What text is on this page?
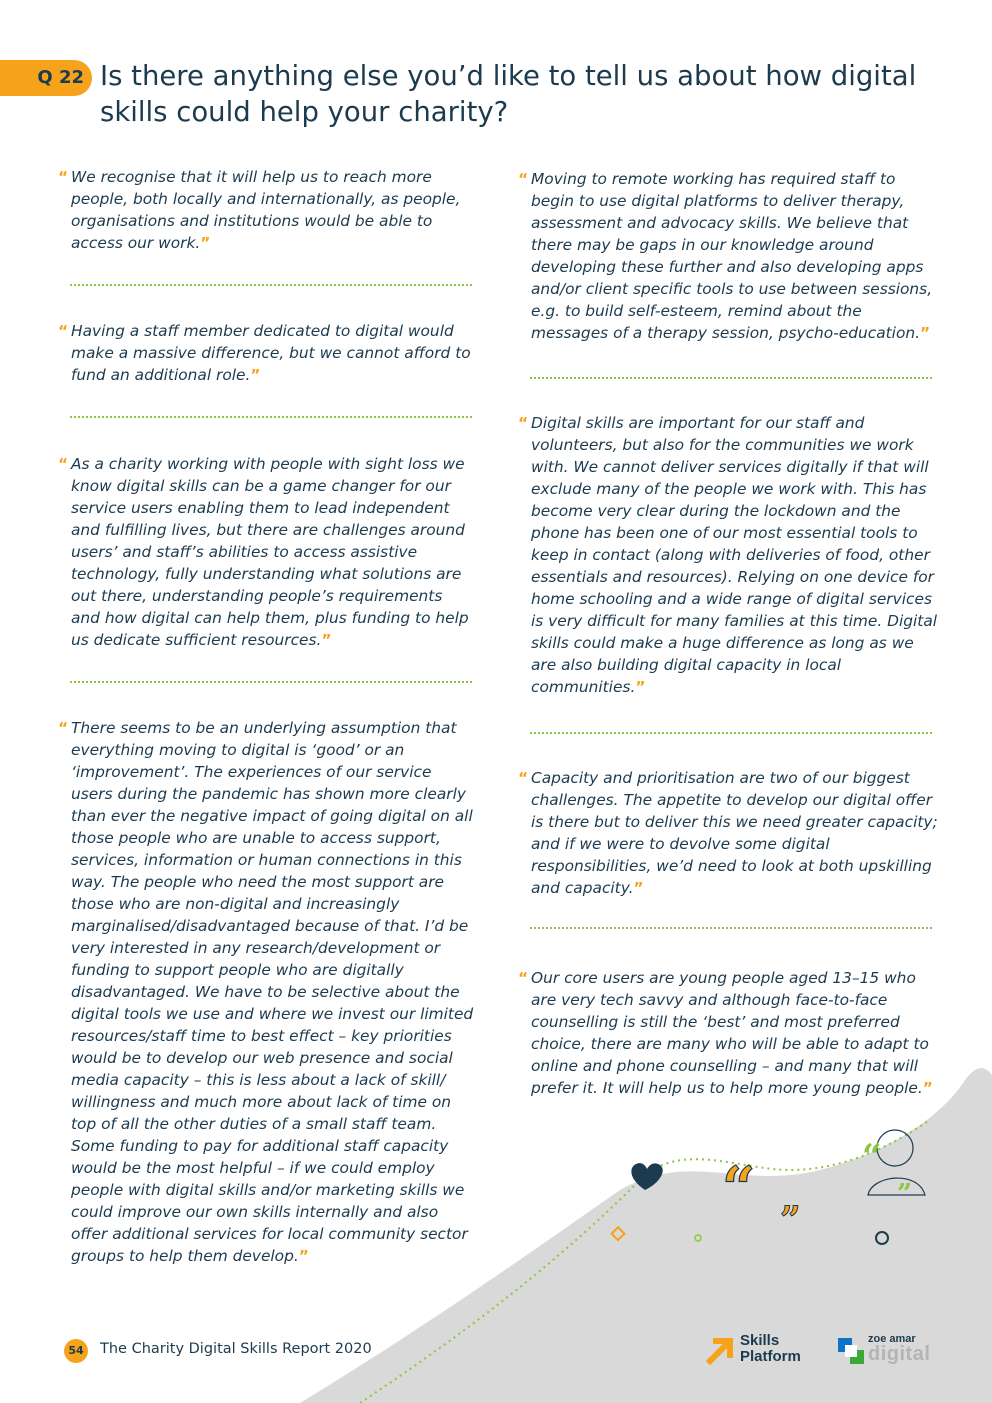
“ ”
“
”
Q 22 Is there anything else you’d like to tell us about how digital skills could help your charity?
“ We recognise that it will help us to reach more people, both locally and internationally, as people, organisations and institutions would be able to access our work.”
“ Having a staff member dedicated to digital would make a massive difference, but we cannot afford to fund an additional role.”
“ As a charity working with people with sight loss we know digital skills can be a game changer for our service users enabling them to lead independent and fulfilling lives, but there are challenges around users’ and staff’s abilities to access assistive technology, fully understanding what solutions are out there, understanding people’s requirements and how digital can help them, plus funding to help us dedicate sufficient resources.”
“ There seems to be an underlying assumption that everything moving to digital is ‘good’ or an ‘improvement’. The experiences of our service users during the pandemic has shown more clearly than ever the negative impact of going digital on all those people who are unable to access support, services, information or human connections in this way. The people who need the most support are those who are non-digital and increasingly marginalised/disadvantaged because of that. I’d be very interested in any research/development or funding to support people who are digitally disadvantaged. We have to be selective about the digital tools we use and where we invest our limited resources/staff time to best effect – key priorities would be to develop our web presence and social media capacity – this is less about a lack of skill/ willingness and much more about lack of time on top of all the other duties of a small staff team. Some funding to pay for additional staff capacity would be the most helpful – if we could employ people with digital skills and/or marketing skills we could improve our own skills internally and also offer additional services for local community sector groups to help them develop.”
“ Moving to remote working has required staff to begin to use digital platforms to deliver therapy, assessment and advocacy skills. We believe that there may be gaps in our knowledge around developing these further and also developing apps and/or client specific tools to use between sessions, e.g. to build self-esteem, remind about the messages of a therapy session, psycho-education.”
“ Digital skills are important for our staff and volunteers, but also for the communities we work with. We cannot deliver services digitally if that will exclude many of the people we work with. This has become very clear during the lockdown and the phone has been one of our most essential tools to keep in contact (along with deliveries of food, other essentials and resources). Relying on one device for home schooling and a wide range of digital services is very difficult for many families at this time. Digital skills could make a huge difference as long as we are also building digital capacity in local communities.”
“ Capacity and prioritisation are two of our biggest challenges. The appetite to develop our digital offer is there but to deliver this we need greater capacity; and if we were to devolve some digital responsibilities, we’d need to look at both upskilling and capacity.”
“ Our core users are young people aged 13–15 who are very tech savvy and although face-to-face counselling is still the ‘best’ and most preferred choice, there are many who will be able to adapt to online and phone counselling – and many that will prefer it. It will help us to help more young people.”
54 The Charity Digital Skills Report 2020	Skills
Platform
zoe amar
digital
